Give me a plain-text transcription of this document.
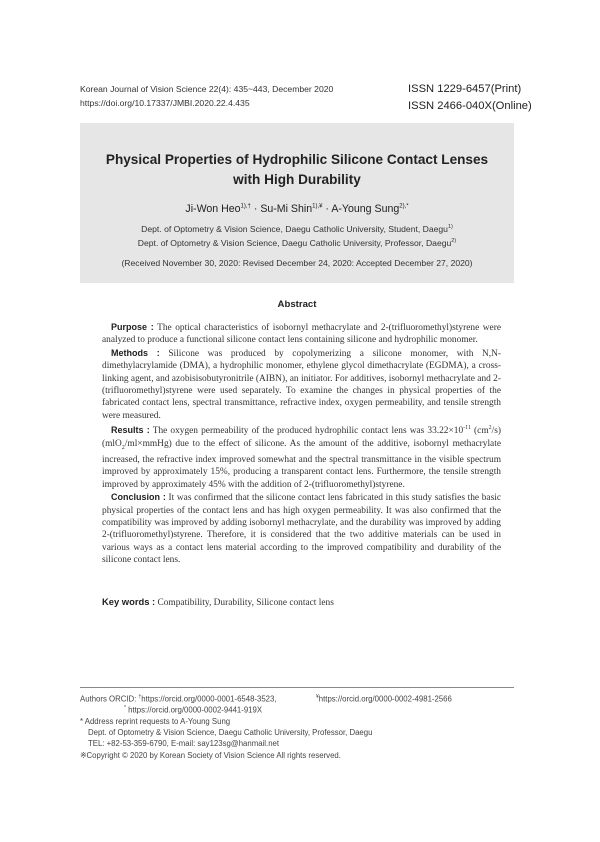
Korean Journal of Vision Science 22(4): 435~443, December 2020
https://doi.org/10.17337/JMBI.2020.22.4.435
ISSN 1229-6457(Print)
ISSN 2466-040X(Online)
Physical Properties of Hydrophilic Silicone Contact Lenses
with High Durability
Ji-Won Heo$^{1),\dagger}$ · Su-Mi Shin$^{1),¥}$ · A-Young Sung$^{2),*}$
Dept. of Optometry & Vision Science, Daegu Catholic University, Student, Daegu$^{1)}$
Dept. of Optometry & Vision Science, Daegu Catholic University, Professor, Daegu$^{2)}$
(Received November 30, 2020: Revised December 24, 2020: Accepted December 27, 2020)
Abstract

Purpose : The optical characteristics of isobornyl methacrylate and 2-(trifluoromethyl)styrene were analyzed to produce a functional silicone contact lens containing silicone and hydrophilic monomer.

Methods : Silicone was produced by copolymerizing a silicone monomer, with N,N-dimethylacrylamide (DMA), a hydrophilic monomer, ethylene glycol dimethacrylate (EGDMA), a cross-linking agent, and azobisisobutyronitrile (AIBN), an initiator. For additives, isobornyl methacrylate and 2-(trifluoromethyl)styrene were used separately. To examine the changes in physical properties of the fabricated contact lens, spectral transmittance, refractive index, oxygen permeability, and tensile strength were measured.

Results : The oxygen permeability of the produced hydrophilic contact lens was $33.22\times 10^{-11}$ $(cm^2/s)(mlO_2/ml\times mmHg)$ due to the effect of silicone. As the amount of the additive, isobornyl methacrylate increased, the refractive index improved somewhat and the spectral transmittance in the visible spectrum improved by approximately 15%, producing a transparent contact lens. Furthermore, the tensile strength improved by approximately 45% with the addition of 2-(trifluoromethyl)styrene.

Conclusion : It was confirmed that the silicone contact lens fabricated in this study satisfies the basic physical properties of the contact lens and has high oxygen permeability. It was also confirmed that the compatibility was improved by adding isobornyl methacrylate, and the durability was improved by adding 2-(trifluoromethyl)styrene. Therefore, it is considered that the two additive materials can be used in various ways as a contact lens material according to the improved compatibility and durability of the silicone contact lens.

Key words : Compatibility, Durability, Silicone contact lens
Authors ORCID: †https://orcid.org/0000-0001-6548-3523,	¥https://orcid.org/0000-0002-4981-2566
* https://orcid.org/0000-0002-9441-919X
* Address reprint requests to A-Young Sung
Dept. of Optometry & Vision Science, Daegu Catholic University, Professor, Daegu
TEL: +82-53-359-6790, E-mail: say123sg@hanmail.net
※Copyright © 2020 by Korean Society of Vision Science All rights reserved.
